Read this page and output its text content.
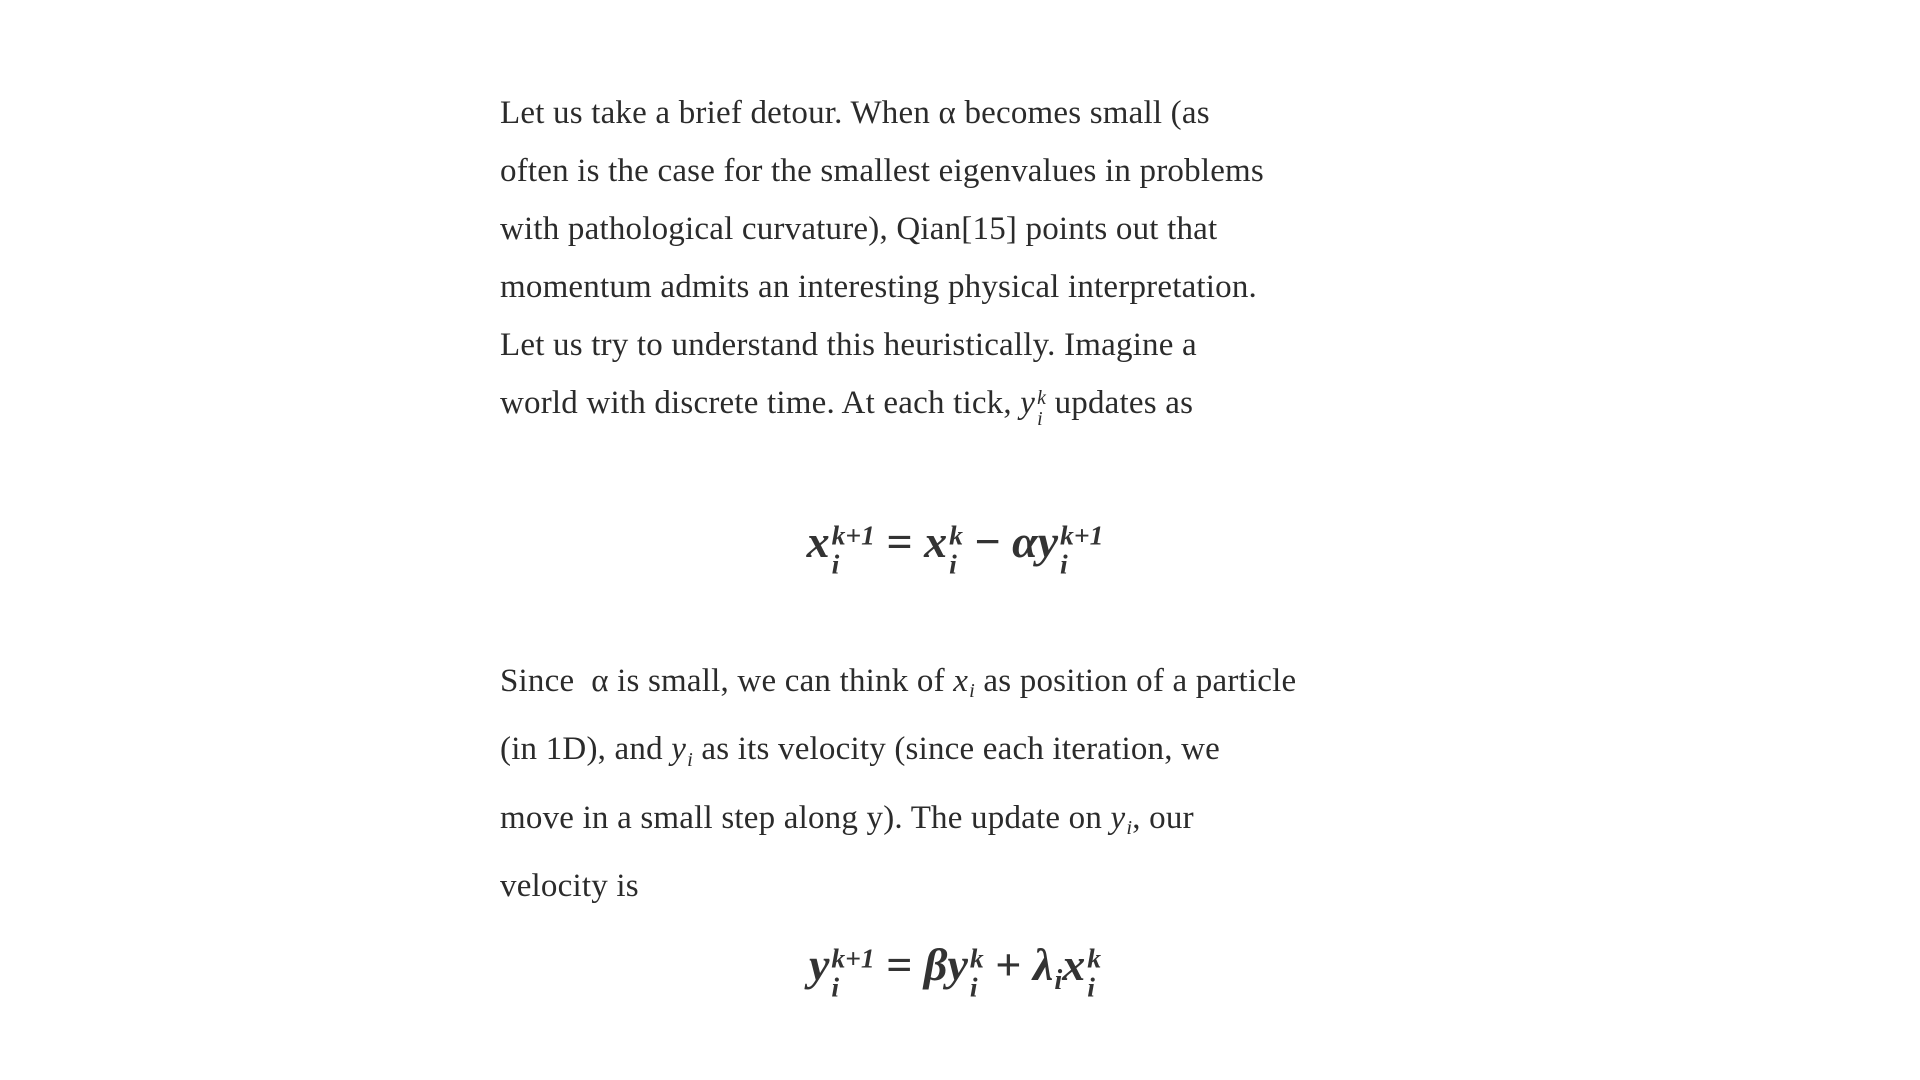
Let us take a brief detour. When α becomes small (as
often is the case for the smallest eigenvalues in problems
with pathological curvature), Qian[15] points out that
momentum admits an interesting physical interpretation.
Let us try to understand this heuristically. Imagine a
world with discrete time. At each tick, y k
i updates as
x k+1
i = x k
i − αy k+1
i
Since  α is small, we can think of xi as position of a particle
(in 1D), and yi as its velocity (since each iteration, we
move in a small step along y). The update on yi, our
velocity is
y k+1
i = βy k
i + λix k
i
